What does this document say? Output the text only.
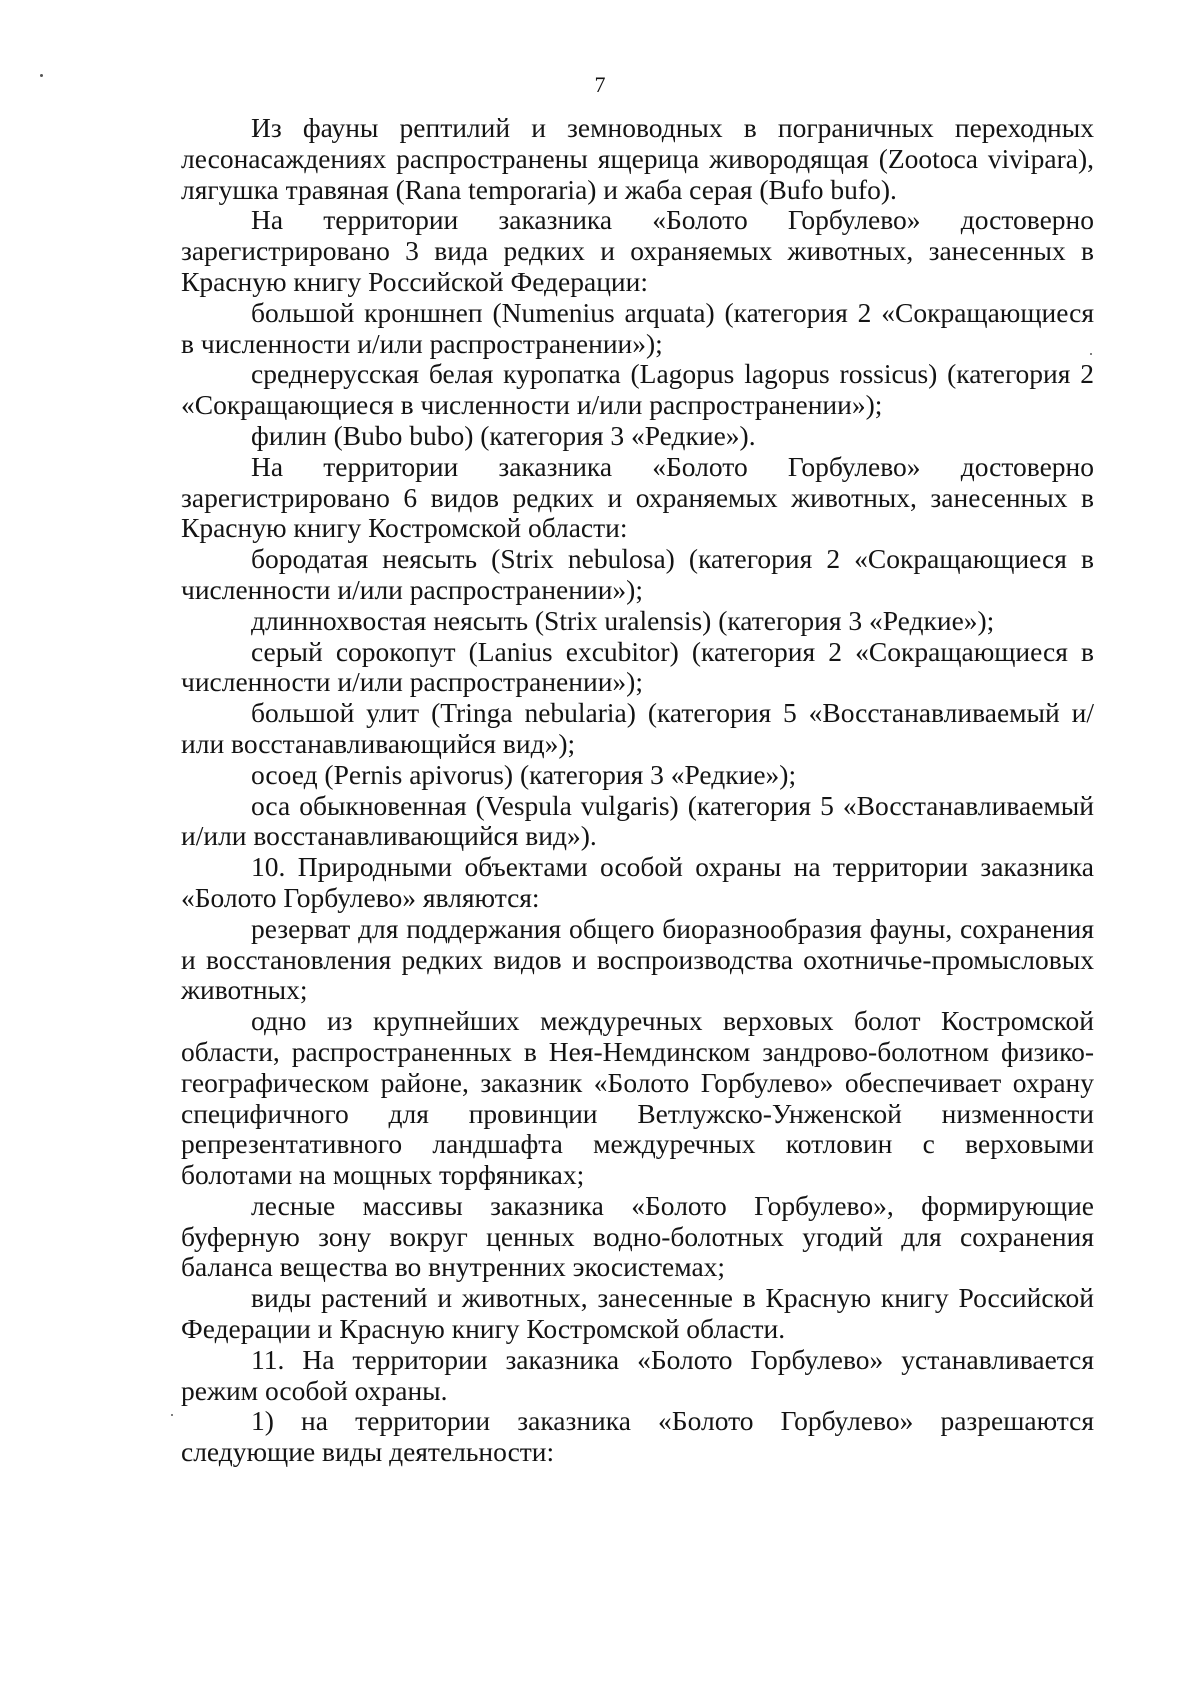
7

Из фауны рептилий и земноводных в пограничных переходных лесонасаждениях распространены ящерица живородящая (Zootoca vivipara), лягушка травяная (Rana temporaria) и жаба серая (Bufo bufo).

На территории заказника «Болото Горбулево» достоверно зарегистрировано 3 вида редких и охраняемых животных, занесенных в Красную книгу Российской Федерации:

большой кроншнеп (Numenius arquata) (категория 2 «Сокращающиеся в численности и/или распространении»);

среднерусская белая куропатка (Lagopus lagopus rossicus) (категория 2 «Сокращающиеся в численности и/или распространении»);

филин (Bubo bubo) (категория 3 «Редкие»).

На территории заказника «Болото Горбулево» достоверно зарегистрировано 6 видов редких и охраняемых животных, занесенных в Красную книгу Костромской области:

бородатая неясыть (Strix nebulosa) (категория 2 «Сокращающиеся в численности и/или распространении»);

длиннохвостая неясыть (Strix uralensis) (категория 3 «Редкие»);

серый сорокопут (Lanius excubitor) (категория 2 «Сокращающиеся в численности и/или распространении»);

большой улит (Tringa nebularia) (категория 5 «Восстанавливаемый и/или восстанавливающийся вид»);

осоед (Pernis apivorus) (категория 3 «Редкие»);

оса обыкновенная (Vespula vulgaris) (категория 5 «Восстанавливаемый и/или восстанавливающийся вид»).

10. Природными объектами особой охраны на территории заказника «Болото Горбулево» являются:

резерват для поддержания общего биоразнообразия фауны, сохранения и восстановления редких видов и воспроизводства охотничье-промысловых животных;

одно из крупнейших междуречных верховых болот Костромской области, распространенных в Нея-Немдинском зандрово-болотном физико-географическом районе, заказник «Болото Горбулево» обеспечивает охрану специфичного для провинции Ветлужско-Унженской низменности репрезентативного ландшафта междуречных котловин с верховыми болотами на мощных торфяниках;

лесные массивы заказника «Болото Горбулево», формирующие буферную зону вокруг ценных водно-болотных угодий для сохранения баланса вещества во внутренних экосистемах;

виды растений и животных, занесенные в Красную книгу Российской Федерации и Красную книгу Костромской области.

11. На территории заказника «Болото Горбулево» устанавливается режим особой охраны.

1) на территории заказника «Болото Горбулево» разрешаются следующие виды деятельности:
